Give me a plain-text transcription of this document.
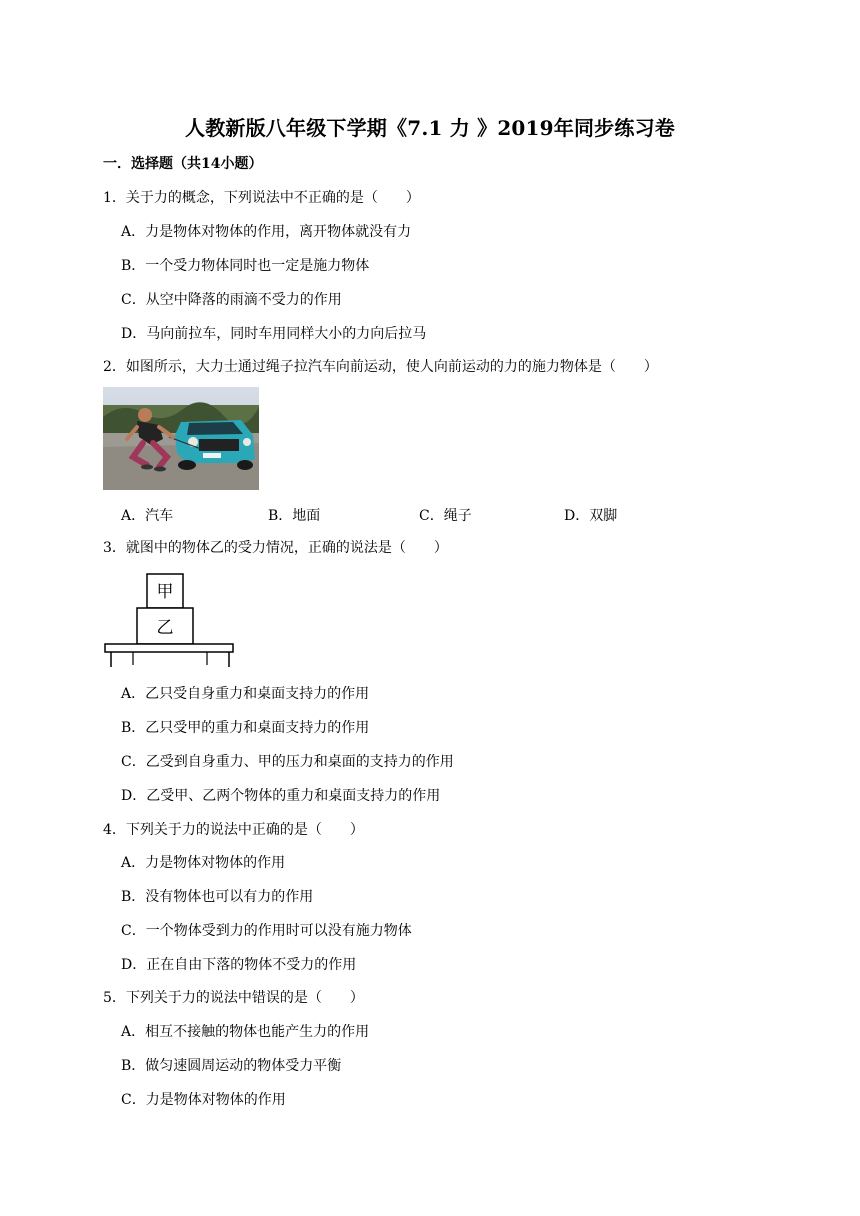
人教新版八年级下学期《7.1 力 》2019年同步练习卷
一．选择题（共14小题）
1．关于力的概念，下列说法中不正确的是（　　）
A．力是物体对物体的作用，离开物体就没有力
B．一个受力物体同时也一定是施力物体
C．从空中降落的雨滴不受力的作用
D．马向前拉车，同时车用同样大小的力向后拉马
2．如图所示，大力士通过绳子拉汽车向前运动，使人向前运动的力的施力物体是（　　）
A．汽车	B．地面	C．绳子	D．双脚
3．就图中的物体乙的受力情况，正确的说法是（　　）
甲
乙
A．乙只受自身重力和桌面支持力的作用
B．乙只受甲的重力和桌面支持力的作用
C．乙受到自身重力、甲的压力和桌面的支持力的作用
D．乙受甲、乙两个物体的重力和桌面支持力的作用
4．下列关于力的说法中正确的是（　　）
A．力是物体对物体的作用
B．没有物体也可以有力的作用
C．一个物体受到力的作用时可以没有施力物体
D．正在自由下落的物体不受力的作用
5．下列关于力的说法中错误的是（　　）
A．相互不接触的物体也能产生力的作用
B．做匀速圆周运动的物体受力平衡
C．力是物体对物体的作用
